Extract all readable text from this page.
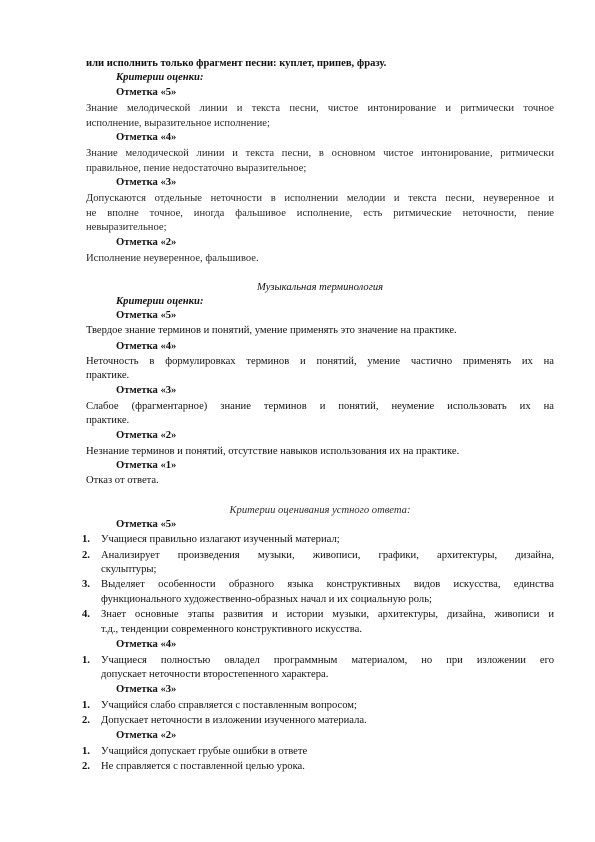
или исполнить только фрагмент песни: куплет, припев, фразу.
Критерии оценки:
Отметка «5»
Знание мелодической линии и текста песни, чистое интонирование и ритмически точное
исполнение, выразительное исполнение;
Отметка «4»
Знание мелодической линии и текста песни, в основном чистое интонирование, ритмически
правильное, пение недостаточно выразительное;
Отметка «3»
Допускаются отдельные неточности в исполнении мелодии и текста песни, неуверенное и
не вполне точное, иногда фальшивое исполнение, есть ритмические неточности, пение
невыразительное;
Отметка «2»
Исполнение неуверенное, фальшивое.
Музыкальная терминология
Критерии оценки:
Отметка «5»
Твердое знание терминов и понятий, умение применять это значение на практике.
Отметка «4»
Неточность в формулировках терминов и понятий, умение частично применять их на
практике.
Отметка «3»
Слабое (фрагментарное) знание терминов и понятий, неумение использовать их на
практике.
Отметка «2»
Незнание терминов и понятий, отсутствие навыков использования их на практике.
Отметка «1»
Отказ от ответа.
Критерии оценивания устного ответа:
Отметка «5»
1. Учащиеся правильно излагают изученный материал;
2. Анализирует произведения музыки, живописи, графики, архитектуры, дизайна,
скульптуры;
3. Выделяет особенности образного языка конструктивных видов искусства, единства
функционального художественно-образных начал и их социальную роль;
4. Знает основные этапы развития и истории музыки, архитектуры, дизайна, живописи и
т.д., тенденции современного конструктивного искусства.
Отметка «4»
1. Учащиеся полностью овладел программным материалом, но при изложении его
допускает неточности второстепенного характера.
Отметка «3»
1. Учащийся слабо справляется с поставленным вопросом;
2. Допускает неточности в изложении изученного материала.
Отметка «2»
1. Учащийся допускает грубые ошибки в ответе
2. Не справляется с поставленной целью урока.
